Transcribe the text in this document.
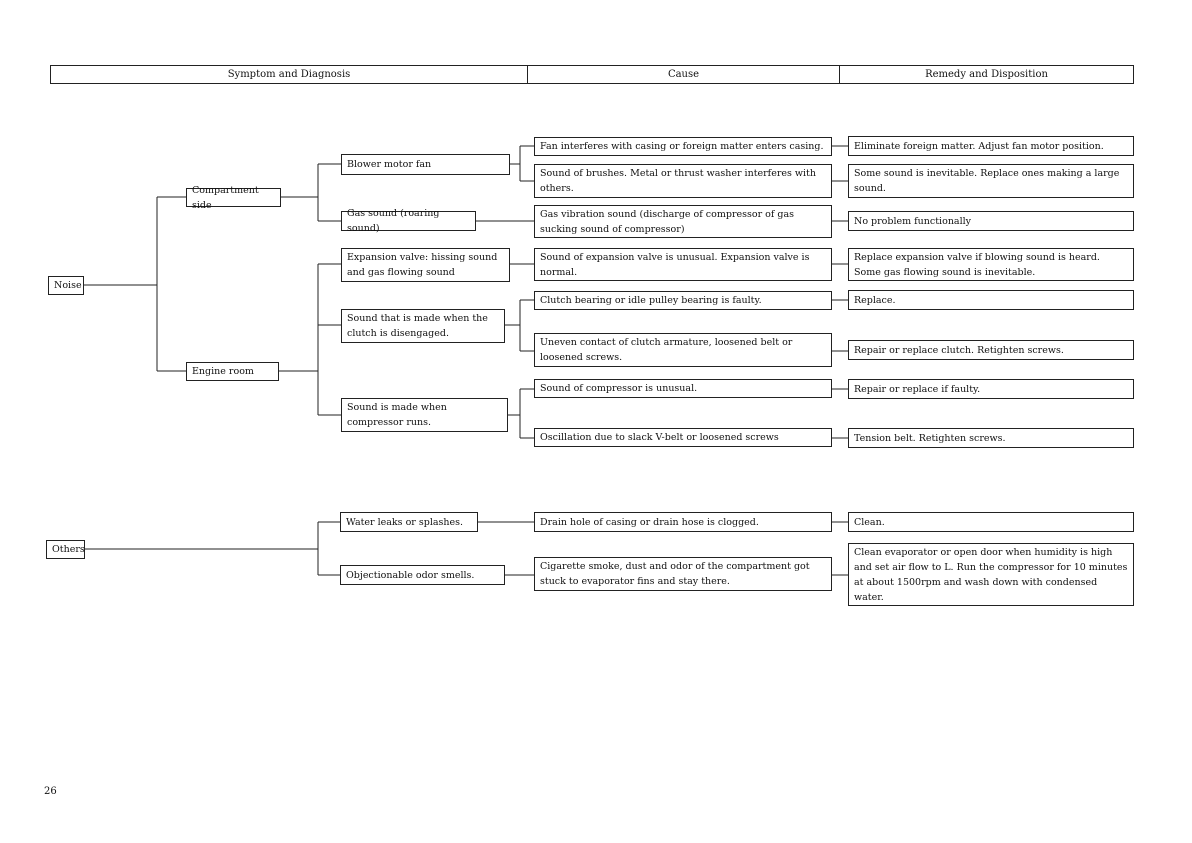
Symptom and Diagnosis	Cause	Remedy and Disposition
Noise
Others
Compartment side
Engine room
Blower motor fan
Gas sound (roaring sound)
Expansion valve: hissing sound and gas flowing sound
Sound that is made when the clutch is disengaged.
Sound is made when compressor runs.
Water leaks or splashes.
Objectionable odor smells.
Fan interferes with casing or foreign matter enters casing.
Sound of brushes. Metal or thrust washer interferes with others.
Gas vibration sound (discharge of compressor of gas sucking sound of compressor)
Sound of expansion valve is unusual. Expansion valve is normal.
Clutch bearing or idle pulley bearing is faulty.
Uneven contact of clutch armature, loosened belt or loosened screws.
Sound of compressor is unusual.
Oscillation due to slack V-belt or loosened screws
Drain hole of casing or drain hose is clogged.
Cigarette smoke, dust and odor of the compartment got stuck to evaporator fins and stay there.
Eliminate foreign matter. Adjust fan motor position.
Some sound is inevitable. Replace ones making a large sound.
No problem functionally
Replace expansion valve if blowing sound is heard. Some gas flowing sound is inevitable.
Replace.
Repair or replace clutch. Retighten screws.
Repair or replace if faulty.
Tension belt. Retighten screws.
Clean.
Clean evaporator or open door when humidity is high and set air flow to L. Run the compressor for 10 minutes at about 1500rpm and wash down with condensed water.
26
